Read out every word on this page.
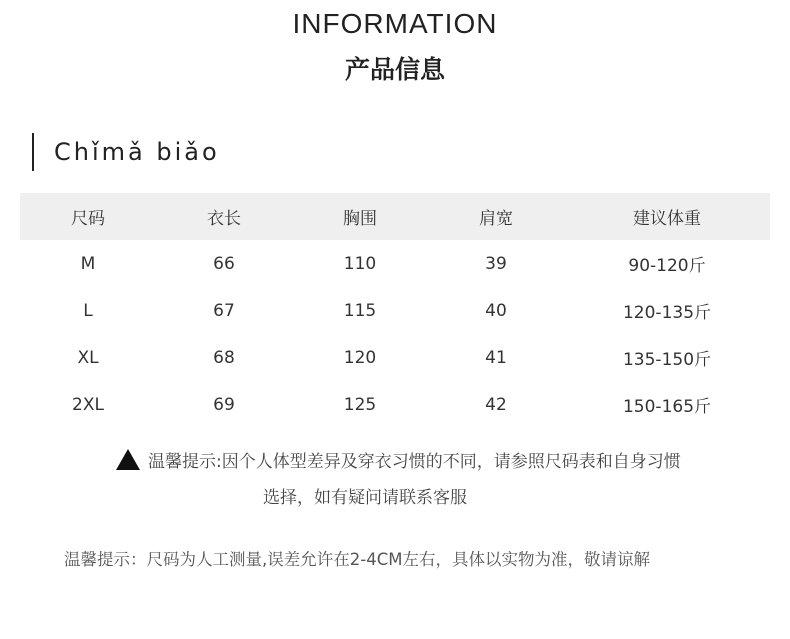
INFORMATION
产品信息
Chǐmǎ biǎo
尺码	衣长	胸围	肩宽	建议体重
M	66	110	39	90-120斤
L	67	115	40	120-135斤
XL	68	120	41	135-150斤
2XL	69	125	42	150-165斤
温馨提示:因个人体型差异及穿衣习惯的不同，请参照尺码表和自身习惯
选择，如有疑问请联系客服
温馨提示：尺码为人工测量,误差允许在2-4CM左右，具体以实物为准，敬请谅解
